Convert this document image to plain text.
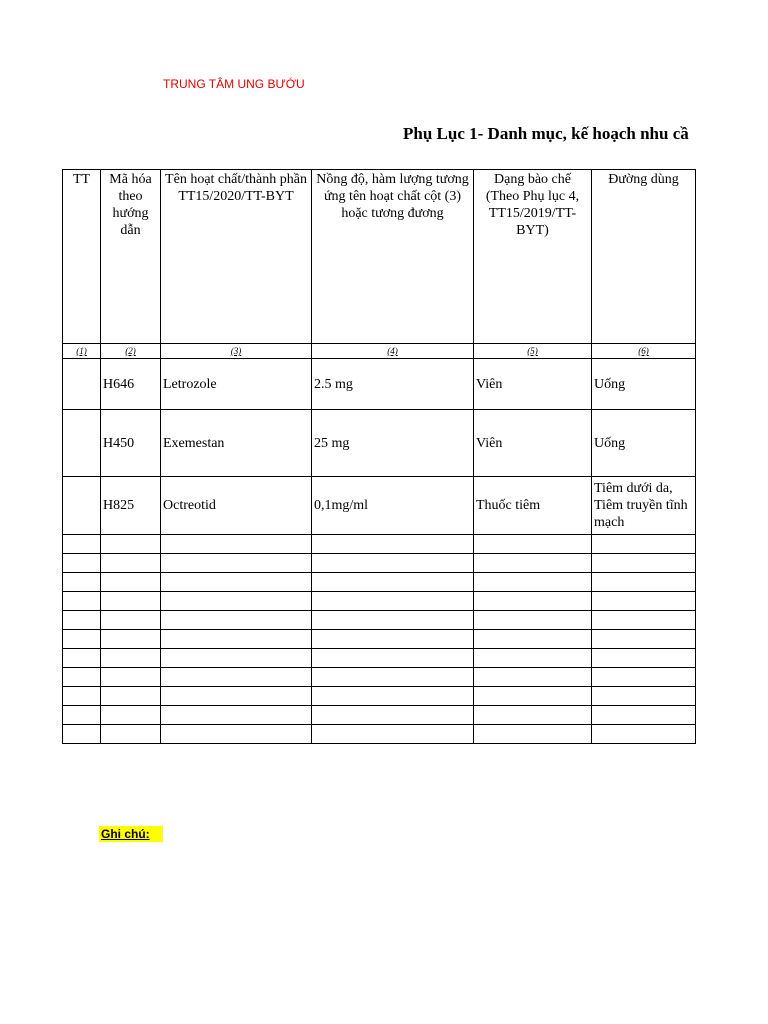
TRUNG TÂM UNG BƯỚU
Phụ Lục 1- Danh mục, kế hoạch nhu cầ
TT	Mã hóa theo hướng dẫn	Tên hoạt chất/thành phần TT15/2020/TT-BYT	Nồng độ, hàm lượng tương ứng tên hoạt chất cột (3) hoặc tương đương	Dạng bào chế (Theo Phụ lục 4, TT15/2019/TT-BYT)	Đường dùng
(1)	(2)	(3)	(4)	(5)	(6)
	H646	Letrozole	2.5 mg	Viên	Uống
	H450	Exemestan	25 mg	Viên	Uống
	H825	Octreotid	0,1mg/ml	Thuốc tiêm	Tiêm dưới da, Tiêm truyền tĩnh mạch

Ghi chú:
